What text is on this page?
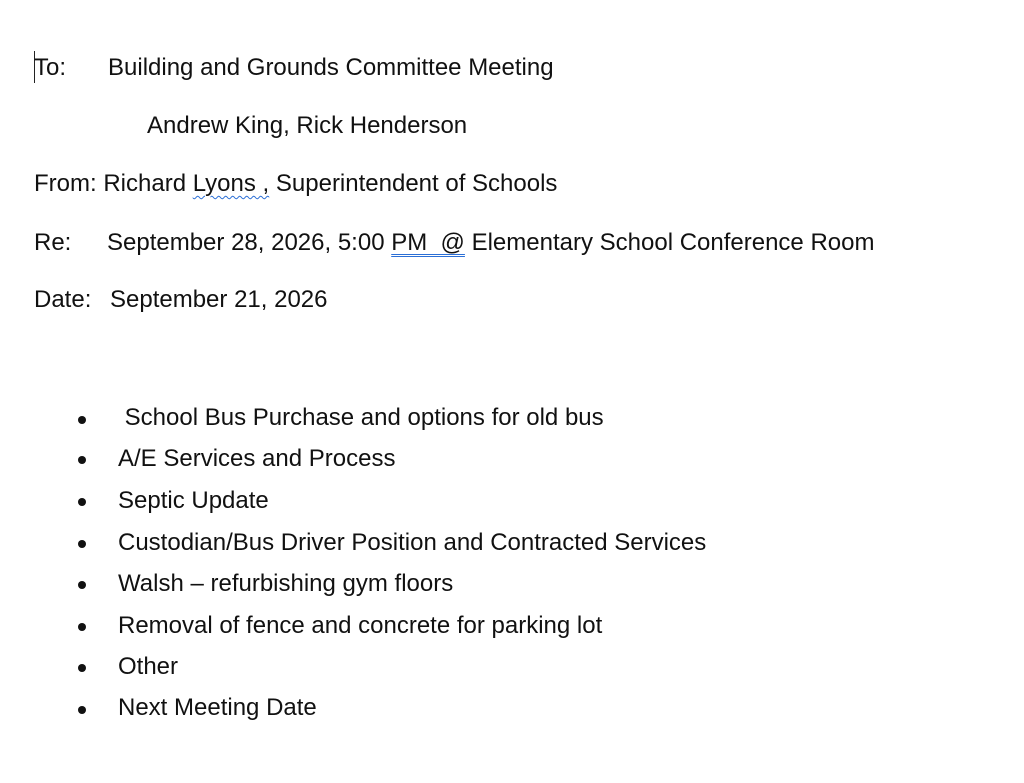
To: Building and Grounds Committee Meeting
Andrew King, Rick Henderson
From: Richard Lyons , Superintendent of Schools
Re: September 28, 2026, 5:00 PM  @ Elementary School Conference Room
Date: September 21, 2026
School Bus Purchase and options for old bus
A/E Services and Process
Septic Update
Custodian/Bus Driver Position and Contracted Services
Walsh – refurbishing gym floors
Removal of fence and concrete for parking lot
Other
Next Meeting Date
